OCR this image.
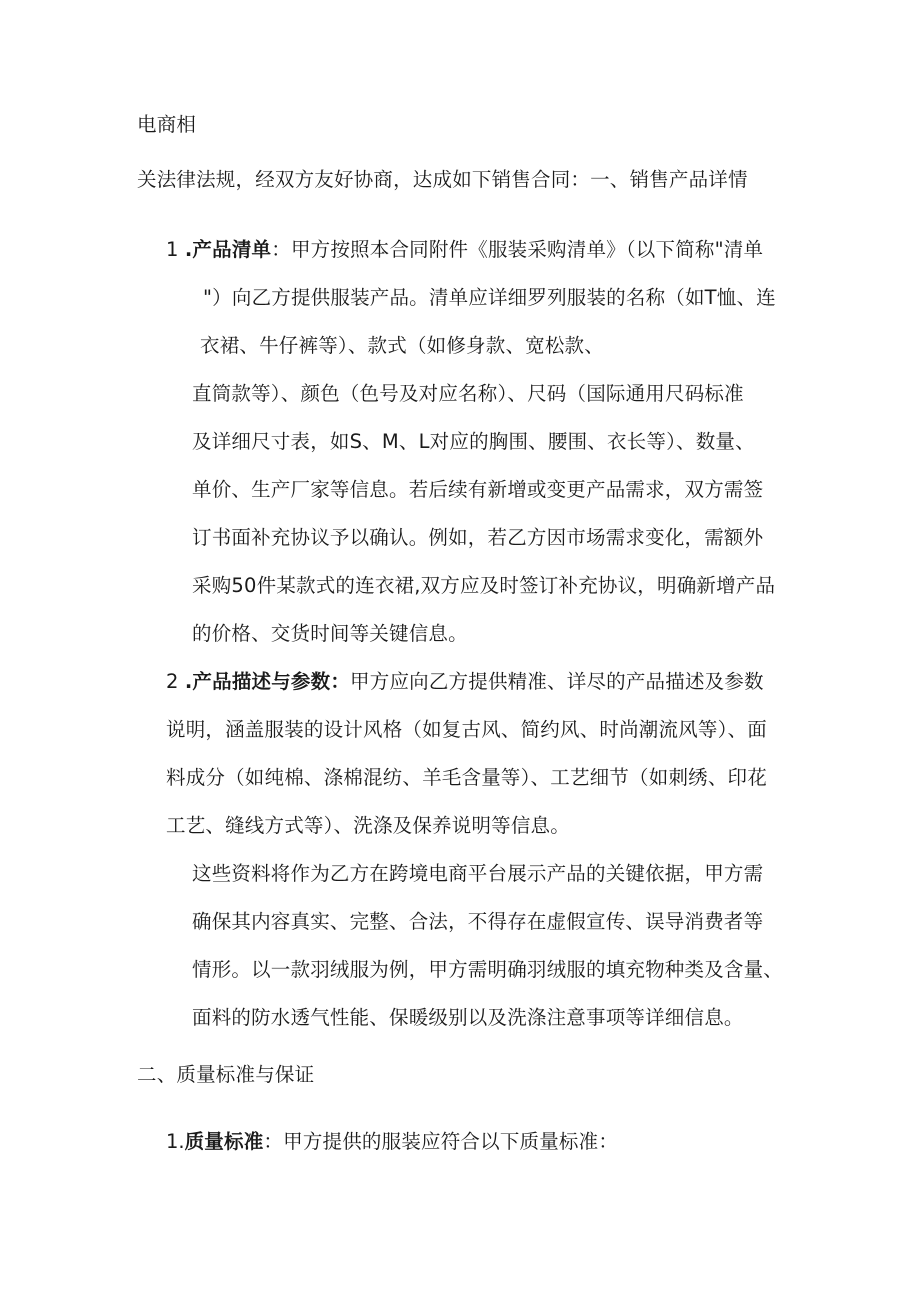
电商相
关法律法规，经双方友好协商，达成如下销售合同：一、销售产品详情
1 .产品清单：甲方按照本合同附件《服装采购清单》（以下简称"清单
"）向乙方提供服装产品。清单应详细罗列服装的名称（如T恤、连
衣裙、牛仔裤等）、款式（如修身款、宽松款、
直筒款等）、颜色（色号及对应名称）、尺码（国际通用尺码标准
及详细尺寸表，如S、M、L对应的胸围、腰围、衣长等）、数量、
单价、生产厂家等信息。若后续有新增或变更产品需求，双方需签
订书面补充协议予以确认。例如，若乙方因市场需求变化，需额外
采购50件某款式的连衣裙,双方应及时签订补充协议，明确新增产品
的价格、交货时间等关键信息。
2 .产品描述与参数：甲方应向乙方提供精准、详尽的产品描述及参数
说明，涵盖服装的设计风格（如复古风、简约风、时尚潮流风等）、面
料成分（如纯棉、涤棉混纺、羊毛含量等）、工艺细节（如刺绣、印花
工艺、缝线方式等）、洗涤及保养说明等信息。
这些资料将作为乙方在跨境电商平台展示产品的关键依据，甲方需
确保其内容真实、完整、合法，不得存在虚假宣传、误导消费者等
情形。以一款羽绒服为例，甲方需明确羽绒服的填充物种类及含量、
面料的防水透气性能、保暖级别以及洗涤注意事项等详细信息。
二、质量标准与保证
1.质量标准：甲方提供的服装应符合以下质量标准：
